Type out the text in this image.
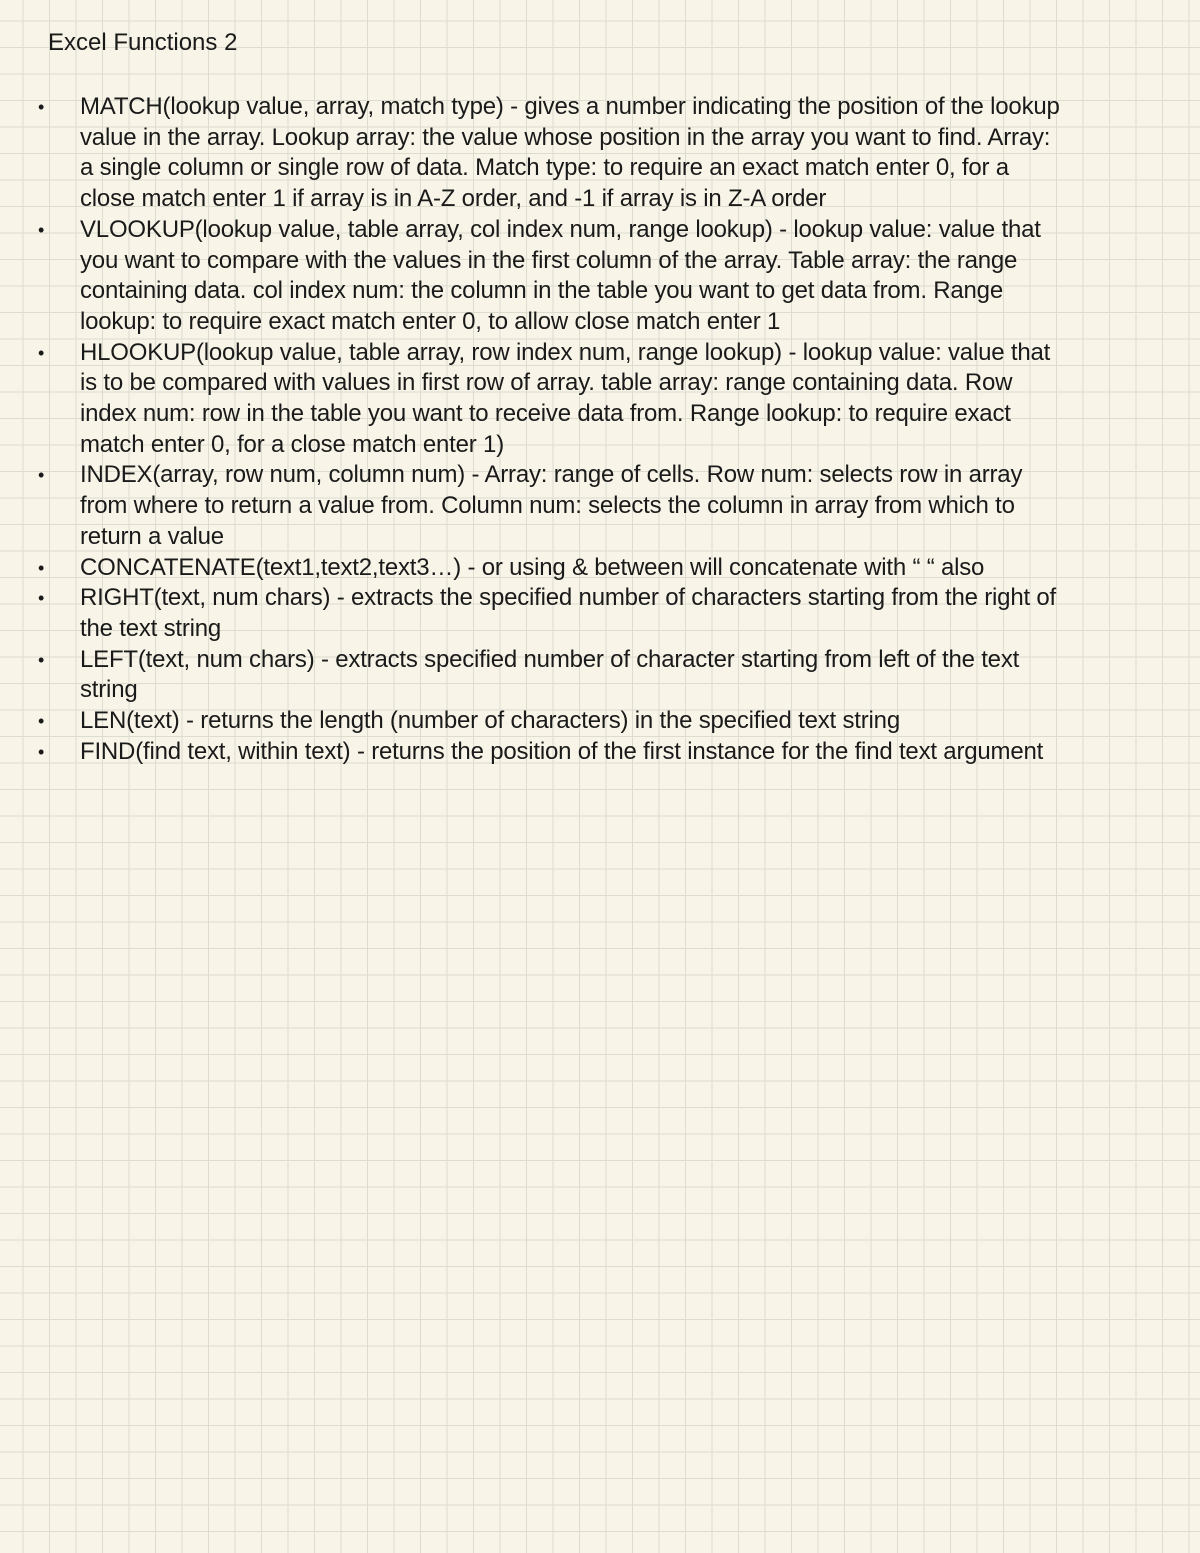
Excel Functions 2
• MATCH(lookup value, array, match type) - gives a number indicating the position of the lookup value in the array. Lookup array: the value whose position in the array you want to find. Array: a single column or single row of data. Match type: to require an exact match enter 0, for a close match enter 1 if array is in A-Z order, and -1 if array is in Z-A order
• VLOOKUP(lookup value, table array, col index num, range lookup) - lookup value: value that you want to compare with the values in the first column of the array. Table array: the range containing data. col index num: the column in the table you want to get data from. Range lookup: to require exact match enter 0, to allow close match enter 1
• HLOOKUP(lookup value, table array, row index num, range lookup) - lookup value: value that is to be compared with values in first row of array. table array: range containing data. Row index num: row in the table you want to receive data from. Range lookup: to require exact match enter 0, for a close match enter 1)
• INDEX(array, row num, column num) - Array: range of cells. Row num: selects row in array from where to return a value from. Column num: selects the column in array from which to return a value
• CONCATENATE(text1,text2,text3…) - or using & between will concatenate with “ “ also
• RIGHT(text, num chars) - extracts the specified number of characters starting from the right of the text string
• LEFT(text, num chars) - extracts specified number of character starting from left of the text string
• LEN(text) - returns the length (number of characters) in the specified text string
• FIND(find text, within text) - returns the position of the first instance for the find text argument
